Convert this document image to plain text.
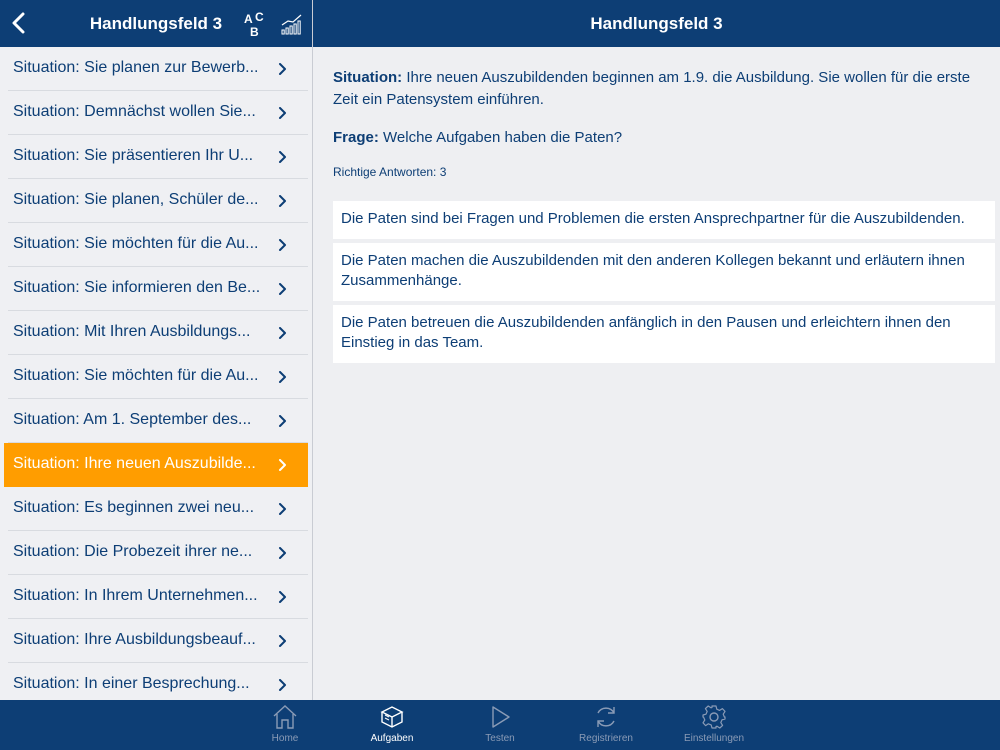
Handlungsfeld 3	A C
B
Situation: Sie planen zur Bewerb...
Situation: Demnächst wollen Sie...
Situation: Sie präsentieren Ihr U...
Situation: Sie planen, Schüler de...
Situation: Sie möchten für die Au...
Situation: Sie informieren den Be...
Situation: Mit Ihren Ausbildungs...
Situation: Sie möchten für die Au...
Situation: Am 1. September des...
Situation: Ihre neuen Auszubilde...
Situation: Es beginnen zwei neu...
Situation: Die Probezeit ihrer ne...
Situation: In Ihrem Unternehmen...
Situation: Ihre Ausbildungsbeauf...
Situation: In einer Besprechung...
Handlungsfeld 3

Situation: Ihre neuen Auszubildenden beginnen am 1.9. die Ausbildung. Sie wollen für die erste Zeit ein Patensystem einführen.

Frage: Welche Aufgaben haben die Paten?

Richtige Antworten: 3

Die Paten sind bei Fragen und Problemen die ersten Ansprechpartner für die Auszubildenden.
Die Paten machen die Auszubildenden mit den anderen Kollegen bekannt und erläutern ihnen Zusammenhänge.
Die Paten betreuen die Auszubildenden anfänglich in den Pausen und erleichtern ihnen den Einstieg in das Team.
Home	Aufgaben	Testen	Registrieren	Einstellungen
